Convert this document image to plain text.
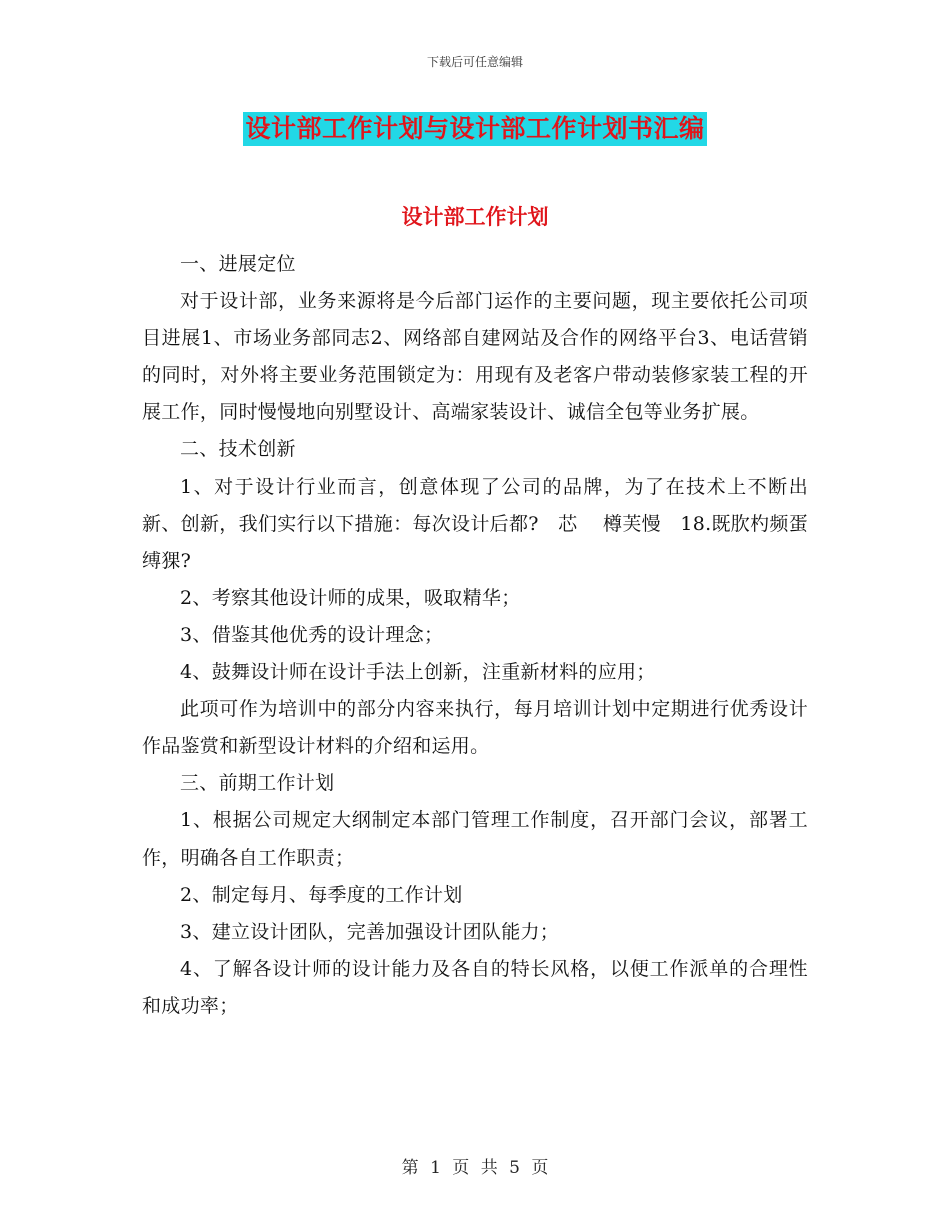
下载后可任意编辑
设计部工作计划与设计部工作计划书汇编
设计部工作计划

一、进展定位

对于设计部，业务来源将是今后部门运作的主要问题，现主要依托公司项目进展1、市场业务部同志2、网络部自建网站及合作的网络平台3、电话营销的同时，对外将主要业务范围锁定为：用现有及老客户带动装修家装工程的开展工作，同时慢慢地向别墅设计、高端家装设计、诚信全包等业务扩展。

二、技术创新

1、对于设计行业而言，创意体现了公司的品牌，为了在技术上不断出新、创新，我们实行以下措施：每次设计后都?　芯　 樽芙慢　18.既肷杓频蛋缚猓?

2、考察其他设计师的成果，吸取精华；

3、借鉴其他优秀的设计理念；

4、鼓舞设计师在设计手法上创新，注重新材料的应用；

此项可作为培训中的部分内容来执行，每月培训计划中定期进行优秀设计作品鉴赏和新型设计材料的介绍和运用。

三、前期工作计划

1、根据公司规定大纲制定本部门管理工作制度，召开部门会议，部署工作，明确各自工作职责；

2、制定每月、每季度的工作计划

3、建立设计团队，完善加强设计团队能力；

4、了解各设计师的设计能力及各自的特长风格，以便工作派单的合理性和成功率；

第 1 页 共 5 页
